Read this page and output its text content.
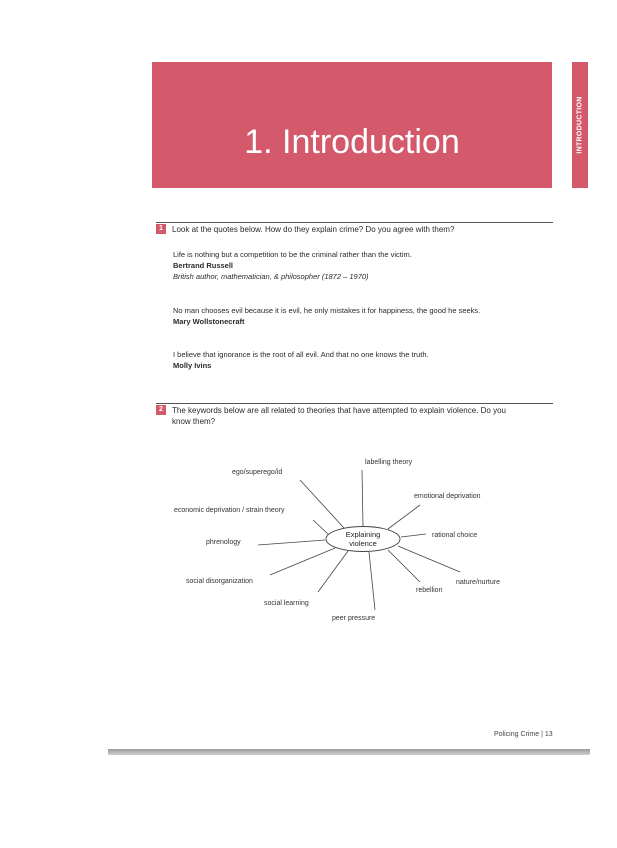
1. Introduction	INTRODUCTION
1	Look at the quotes below. How do they explain crime? Do you agree with them?
Life is nothing but a competition to be the criminal rather than the victim.
Bertrand Russell
British author, mathematician, & philosopher (1872 – 1970)
No man chooses evil because it is evil, he only mistakes it for happiness, the good he seeks.
Mary Wollstonecraft
I believe that ignorance is the root of all evil. And that no one knows the truth.
Molly Ivins
2	The keywords below are all related to theories that have attempted to explain violence. Do you
know them?
Explaining
violence
labelling theory
ego/superego/id
emotional deprivation
economic deprivation / strain theory
rational choice
phrenology
nature/nurture
social disorganization
rebellion
social learning
peer pressure
Policing Crime | 13
